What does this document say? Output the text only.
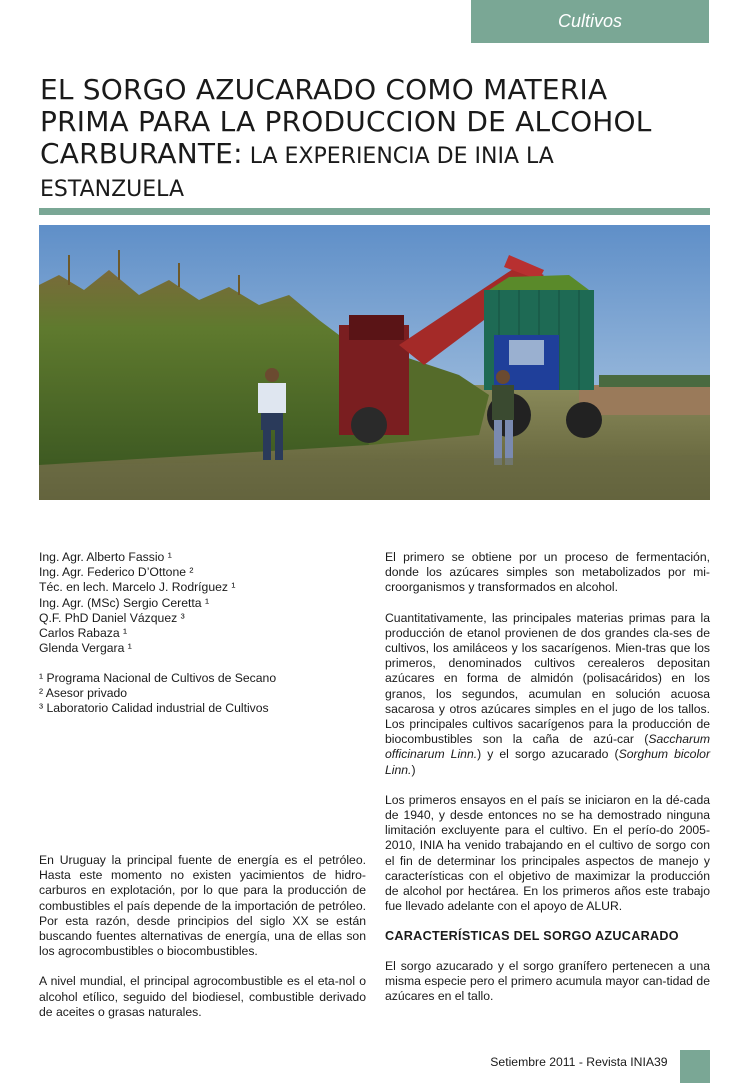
Cultivos
EL SORGO AZUCARADO COMO MATERIA
PRIMA PARA LA PRODUCCION DE ALCOHOL
CARBURANTE: LA EXPERIENCIA DE INIA LA
ESTANZUELA
Ing. Agr. Alberto Fassio ¹
Ing. Agr. Federico D’Ottone ²
Téc. en lech. Marcelo J. Rodríguez ¹
Ing. Agr. (MSc) Sergio Ceretta ¹
Q.F. PhD Daniel Vázquez ³
Carlos Rabaza ¹
Glenda Vergara ¹
¹ Programa Nacional de Cultivos de Secano
² Asesor privado
³ Laboratorio Calidad industrial de Cultivos

En Uruguay la principal fuente de energía es el petróleo. Hasta este momento no existen yacimientos de hidro-carburos en explotación, por lo que para la producción de combustibles el país depende de la importación de petróleo. Por esta razón, desde principios del siglo XX se están buscando fuentes alternativas de energía, una de ellas son los agrocombustibles o biocombustibles.

A nivel mundial, el principal agrocombustible es el eta-nol o alcohol etílico, seguido del biodiesel, combustible derivado de aceites o grasas naturales.

El primero se obtiene por un proceso de fermentación, donde los azúcares simples son metabolizados por mi-croorganismos y transformados en alcohol.

Cuantitativamente, las principales materias primas para la producción de etanol provienen de dos grandes cla-ses de cultivos, los amiláceos y los sacarígenos. Mien-tras que los primeros, denominados cultivos cerealeros depositan azúcares en forma de almidón (polisacáridos) en los granos, los segundos, acumulan en solución acuosa sacarosa y otros azúcares simples en el jugo de los tallos. Los principales cultivos sacarígenos para la producción de biocombustibles son la caña de azú-car (Saccharum officinarum Linn.) y el sorgo azucarado (Sorghum bicolor Linn.)

Los primeros ensayos en el país se iniciaron en la dé-cada de 1940, y desde entonces no se ha demostrado ninguna limitación excluyente para el cultivo. En el perío-do 2005-2010, INIA ha venido trabajando en el cultivo de sorgo con el fin de determinar los principales aspectos de manejo y características con el objetivo de maximizar la producción de alcohol por hectárea. En los primeros años este trabajo fue llevado adelante con el apoyo de ALUR.

CARACTERÍSTICAS DEL SORGO AZUCARADO

El sorgo azucarado y el sorgo granífero pertenecen a una misma especie pero el primero acumula mayor can-tidad de azúcares en el tallo.

Setiembre 2011 - Revista INIA 39
